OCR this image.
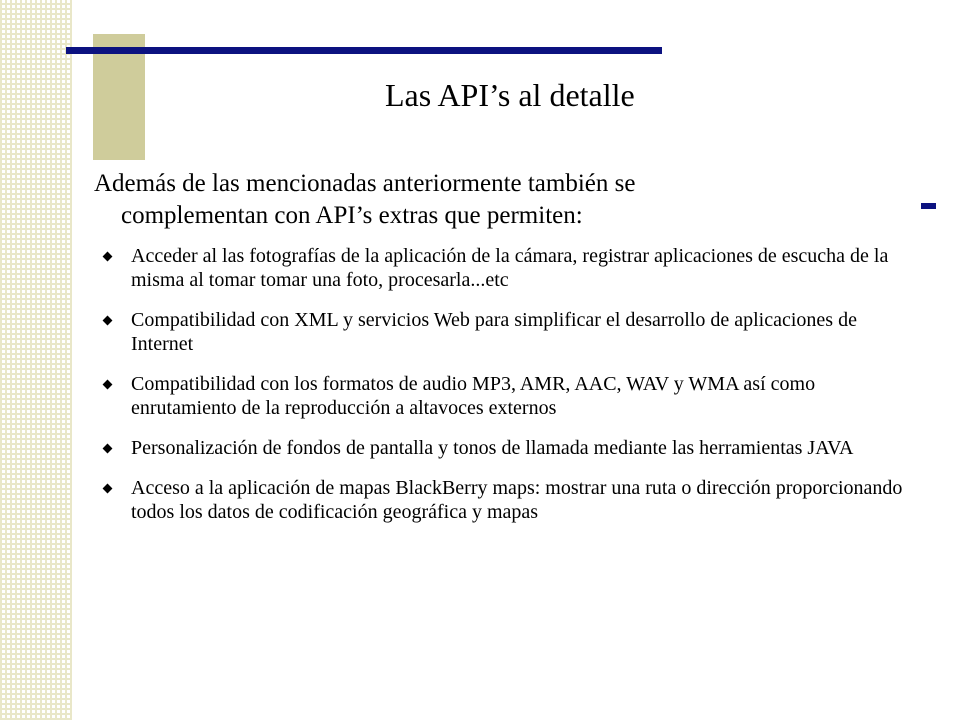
Las API’s al detalle

Además de las mencionadas anteriormente también se
complementan con API’s extras que permiten:

Acceder al las fotografías de la aplicación de la cámara, registrar aplicaciones de escucha de la misma al tomar tomar una foto, procesarla...etc
Compatibilidad con XML y servicios Web para simplificar el desarrollo de aplicaciones de Internet
Compatibilidad con los formatos de audio MP3, AMR, AAC, WAV y WMA así como enrutamiento de la reproducción a altavoces externos
Personalización de fondos de pantalla y tonos de llamada mediante las herramientas JAVA
Acceso a la aplicación de mapas BlackBerry maps: mostrar una ruta o dirección proporcionando todos los datos de codificación geográfica y mapas
